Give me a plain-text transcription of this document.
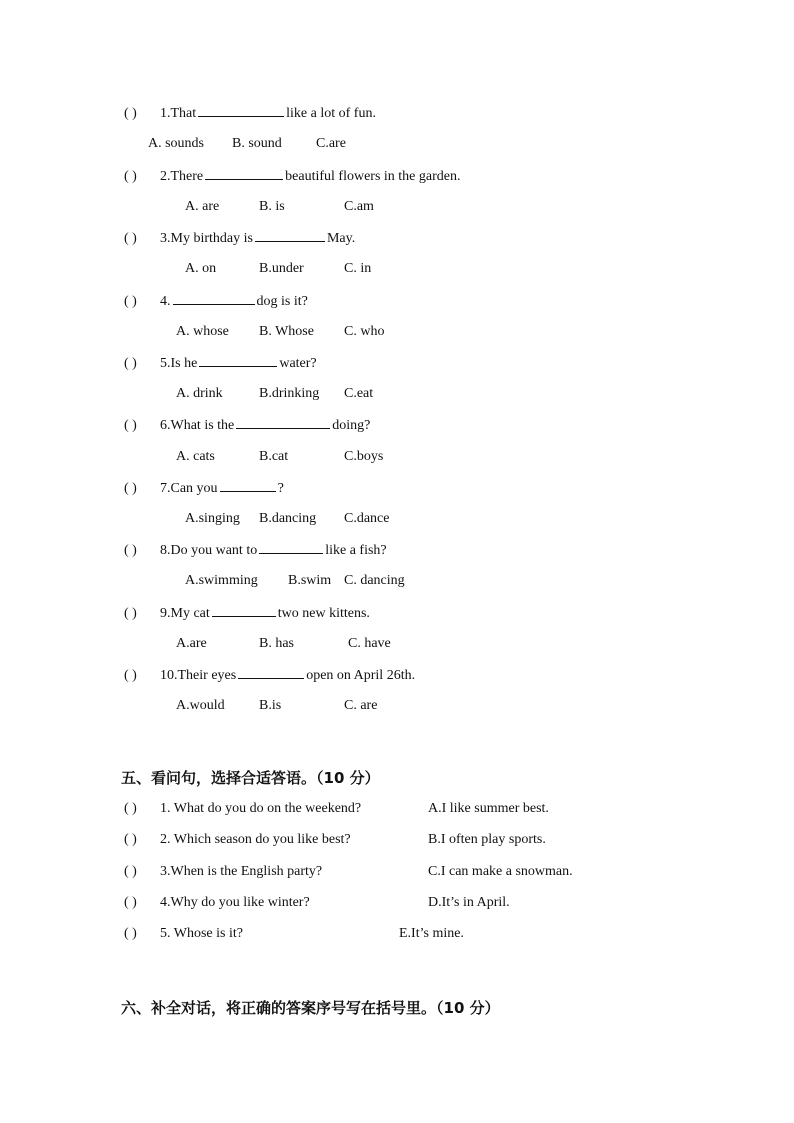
( ) 1.That	like a lot of fun.
A. sounds B. sound C.are
( ) 2.There	beautiful flowers in the garden.
A. are	B. is	C.am
( ) 3.My birthday is	May.
A. on	B.under	C. in
( ) 4.	dog is it?
A. whose B. Whose C. who
( ) 5.Is he	water?
A. drink	B.drinking C.eat
( ) 6.What is the	doing?
A. cats	B.cat	C.boys
( ) 7.Can you	?
A.singing B.dancing C.dance
( ) 8.Do you want to	like a fish?
A.swimming B.swim C. dancing
( ) 9.My cat	two new kittens.
A.are	B. has	C. have
( ) 10.Their eyes	open on April 26th.
A.would B.is	C. are
五、看问句，选择合适答语。（10 分）
( ) 1. What do you do on the weekend?	A.I like summer best.
( ) 2. Which season do you like best?	B.I often play sports.
( ) 3.When is the English party?	C.I can make a snowman.
( ) 4.Why do you like winter?	D.It’s in April.
( ) 5. Whose is it?	E.It’s mine.
六、补全对话，将正确的答案序号写在括号里。（10 分）
